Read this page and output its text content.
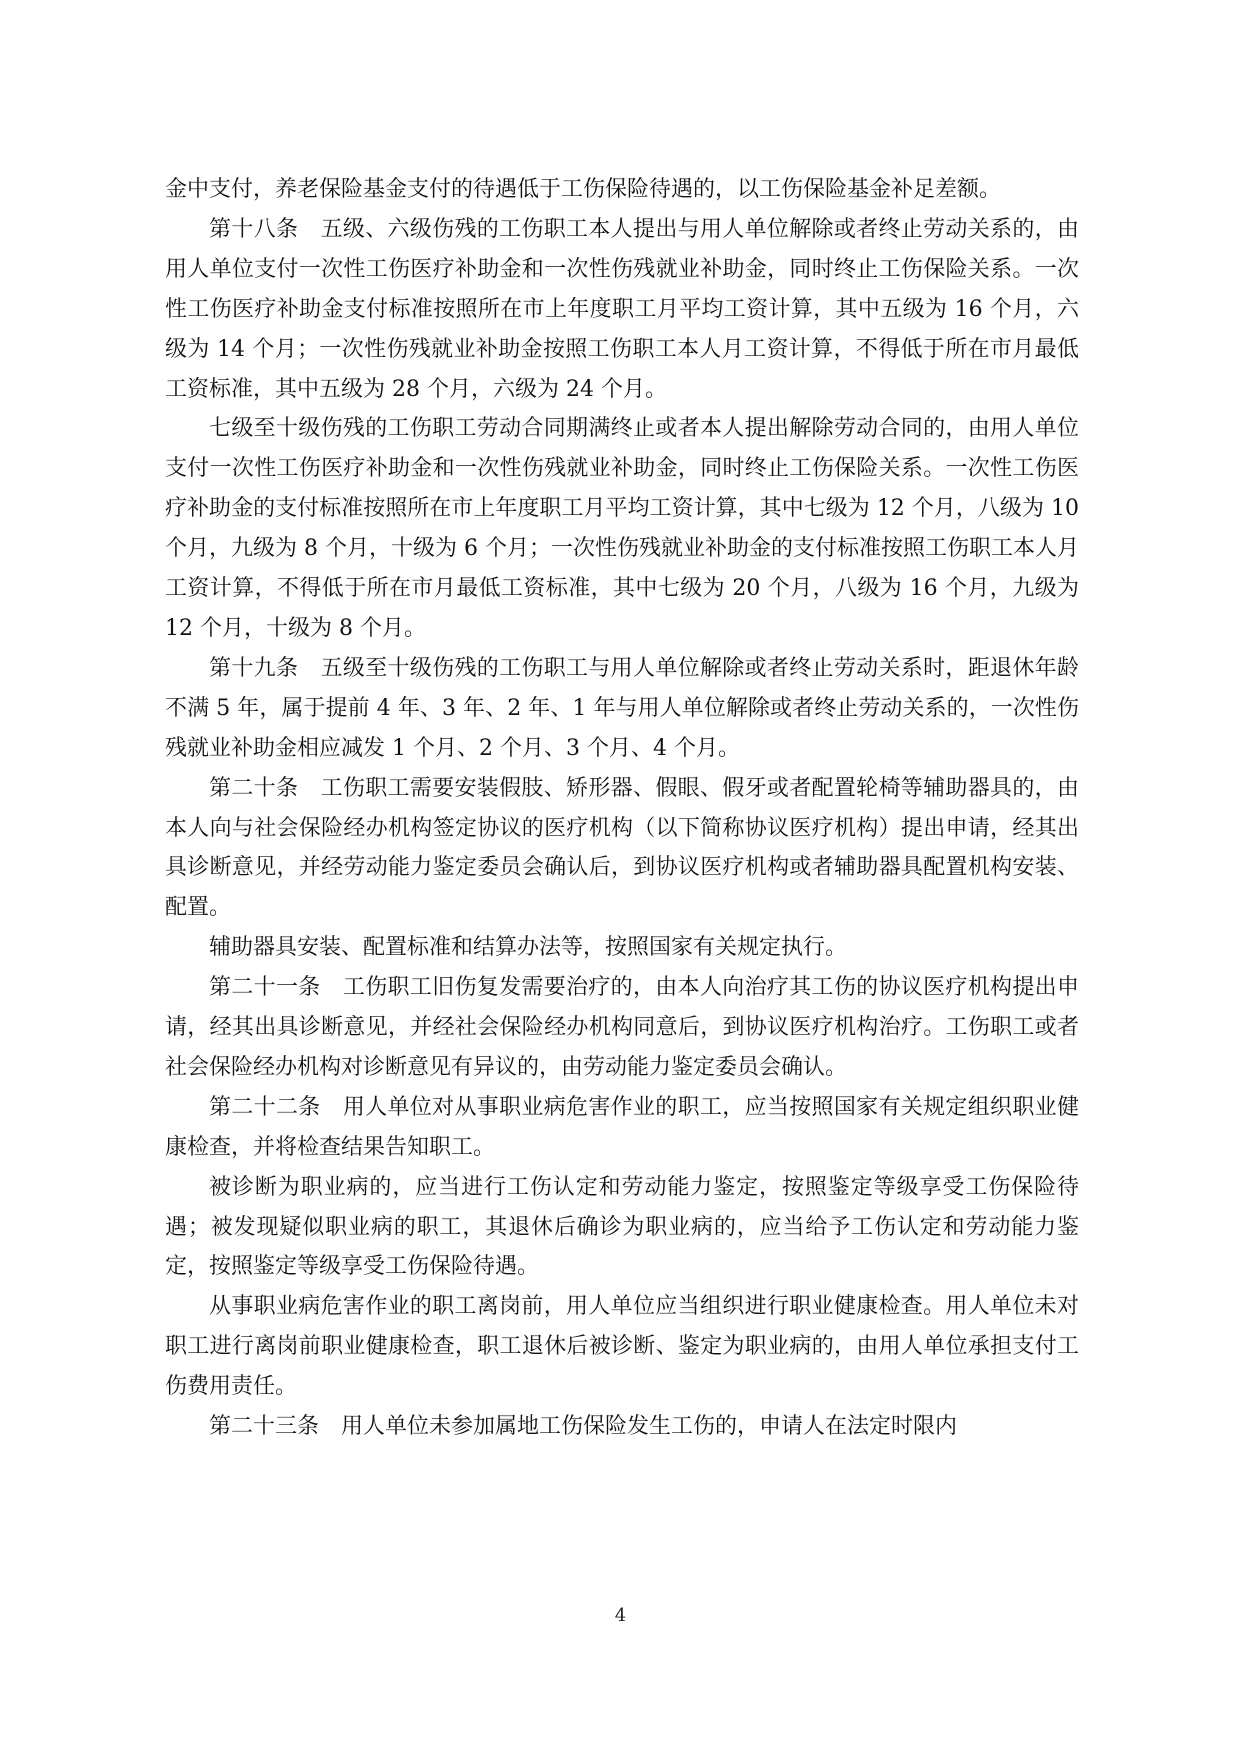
金中支付，养老保险基金支付的待遇低于工伤保险待遇的，以工伤保险基金补足差额。

第十八条 五级、六级伤残的工伤职工本人提出与用人单位解除或者终止劳动关系的，由用人单位支付一次性工伤医疗补助金和一次性伤残就业补助金，同时终止工伤保险关系。一次性工伤医疗补助金支付标准按照所在市上年度职工月平均工资计算，其中五级为 16 个月，六级为 14 个月；一次性伤残就业补助金按照工伤职工本人月工资计算，不得低于所在市月最低工资标准，其中五级为 28 个月，六级为 24 个月。

七级至十级伤残的工伤职工劳动合同期满终止或者本人提出解除劳动合同的，由用人单位支付一次性工伤医疗补助金和一次性伤残就业补助金，同时终止工伤保险关系。一次性工伤医疗补助金的支付标准按照所在市上年度职工月平均工资计算，其中七级为 12 个月，八级为 10 个月，九级为 8 个月，十级为 6 个月；一次性伤残就业补助金的支付标准按照工伤职工本人月工资计算，不得低于所在市月最低工资标准，其中七级为 20 个月，八级为 16 个月，九级为 12 个月，十级为 8 个月。

第十九条 五级至十级伤残的工伤职工与用人单位解除或者终止劳动关系时，距退休年龄不满 5 年，属于提前 4 年、3 年、2 年、1 年与用人单位解除或者终止劳动关系的，一次性伤残就业补助金相应减发 1 个月、2 个月、3 个月、4 个月。

第二十条 工伤职工需要安装假肢、矫形器、假眼、假牙或者配置轮椅等辅助器具的，由本人向与社会保险经办机构签定协议的医疗机构（以下简称协议医疗机构）提出申请，经其出具诊断意见，并经劳动能力鉴定委员会确认后，到协议医疗机构或者辅助器具配置机构安装、配置。

辅助器具安装、配置标准和结算办法等，按照国家有关规定执行。

第二十一条 工伤职工旧伤复发需要治疗的，由本人向治疗其工伤的协议医疗机构提出申请，经其出具诊断意见，并经社会保险经办机构同意后，到协议医疗机构治疗。工伤职工或者社会保险经办机构对诊断意见有异议的，由劳动能力鉴定委员会确认。

第二十二条 用人单位对从事职业病危害作业的职工，应当按照国家有关规定组织职业健康检查，并将检查结果告知职工。

被诊断为职业病的，应当进行工伤认定和劳动能力鉴定，按照鉴定等级享受工伤保险待遇；被发现疑似职业病的职工，其退休后确诊为职业病的，应当给予工伤认定和劳动能力鉴定，按照鉴定等级享受工伤保险待遇。

从事职业病危害作业的职工离岗前，用人单位应当组织进行职业健康检查。用人单位未对职工进行离岗前职业健康检查，职工退休后被诊断、鉴定为职业病的，由用人单位承担支付工伤费用责任。

第二十三条 用人单位未参加属地工伤保险发生工伤的，申请人在法定时限内

4
